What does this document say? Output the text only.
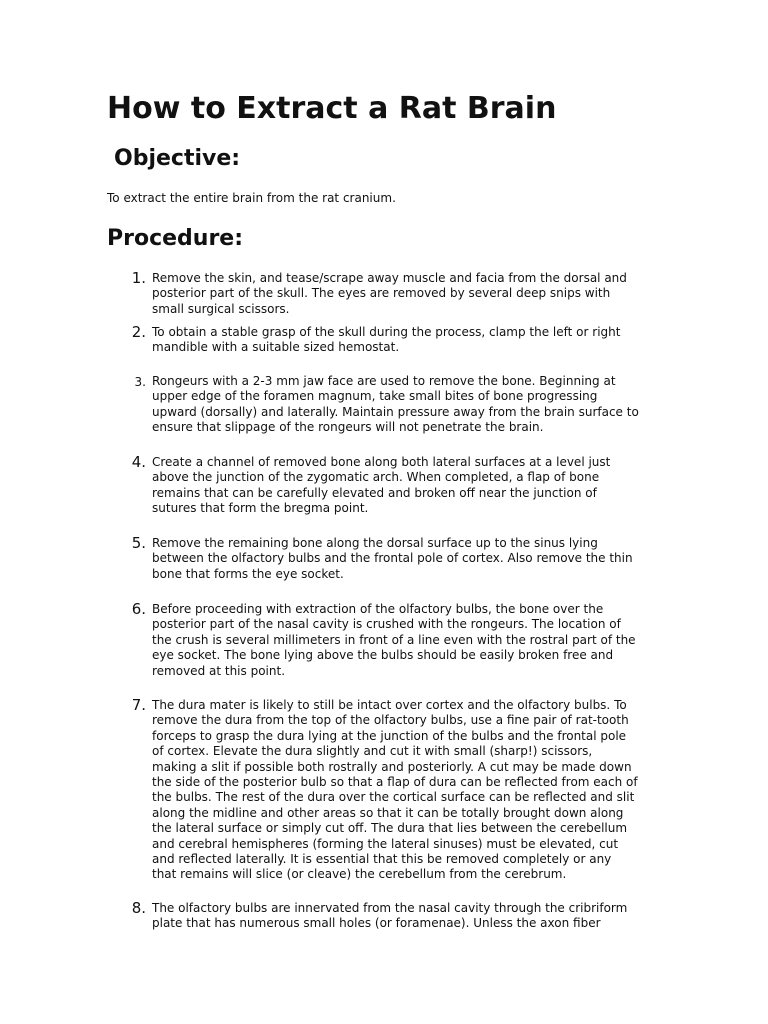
How to Extract a Rat Brain
Objective:

To extract the entire brain from the rat cranium.

Procedure:
1. Remove the skin, and tease/scrape away muscle and facia from the dorsal and
posterior part of the skull. The eyes are removed by several deep snips with
small surgical scissors.

2. To obtain a stable grasp of the skull during the process, clamp the left or right
mandible with a suitable sized hemostat.

3. Rongeurs with a 2-3 mm jaw face are used to remove the bone. Beginning at
upper edge of the foramen magnum, take small bites of bone progressing
upward (dorsally) and laterally. Maintain pressure away from the brain surface to
ensure that slippage of the rongeurs will not penetrate the brain.

4. Create a channel of removed bone along both lateral surfaces at a level just
above the junction of the zygomatic arch. When completed, a flap of bone
remains that can be carefully elevated and broken off near the junction of
sutures that form the bregma point.

5. Remove the remaining bone along the dorsal surface up to the sinus lying
between the olfactory bulbs and the frontal pole of cortex. Also remove the thin
bone that forms the eye socket.

6. Before proceeding with extraction of the olfactory bulbs, the bone over the
posterior part of the nasal cavity is crushed with the rongeurs. The location of
the crush is several millimeters in front of a line even with the rostral part of the
eye socket. The bone lying above the bulbs should be easily broken free and
removed at this point.

7. The dura mater is likely to still be intact over cortex and the olfactory bulbs. To
remove the dura from the top of the olfactory bulbs, use a fine pair of rat-tooth
forceps to grasp the dura lying at the junction of the bulbs and the frontal pole
of cortex. Elevate the dura slightly and cut it with small (sharp!) scissors,
making a slit if possible both rostrally and posteriorly. A cut may be made down
the side of the posterior bulb so that a flap of dura can be reflected from each of
the bulbs. The rest of the dura over the cortical surface can be reflected and slit
along the midline and other areas so that it can be totally brought down along
the lateral surface or simply cut off. The dura that lies between the cerebellum
and cerebral hemispheres (forming the lateral sinuses) must be elevated, cut
and reflected laterally. It is essential that this be removed completely or any
that remains will slice (or cleave) the cerebellum from the cerebrum.

8. The olfactory bulbs are innervated from the nasal cavity through the cribriform
plate that has numerous small holes (or foramenae). Unless the axon fiber
